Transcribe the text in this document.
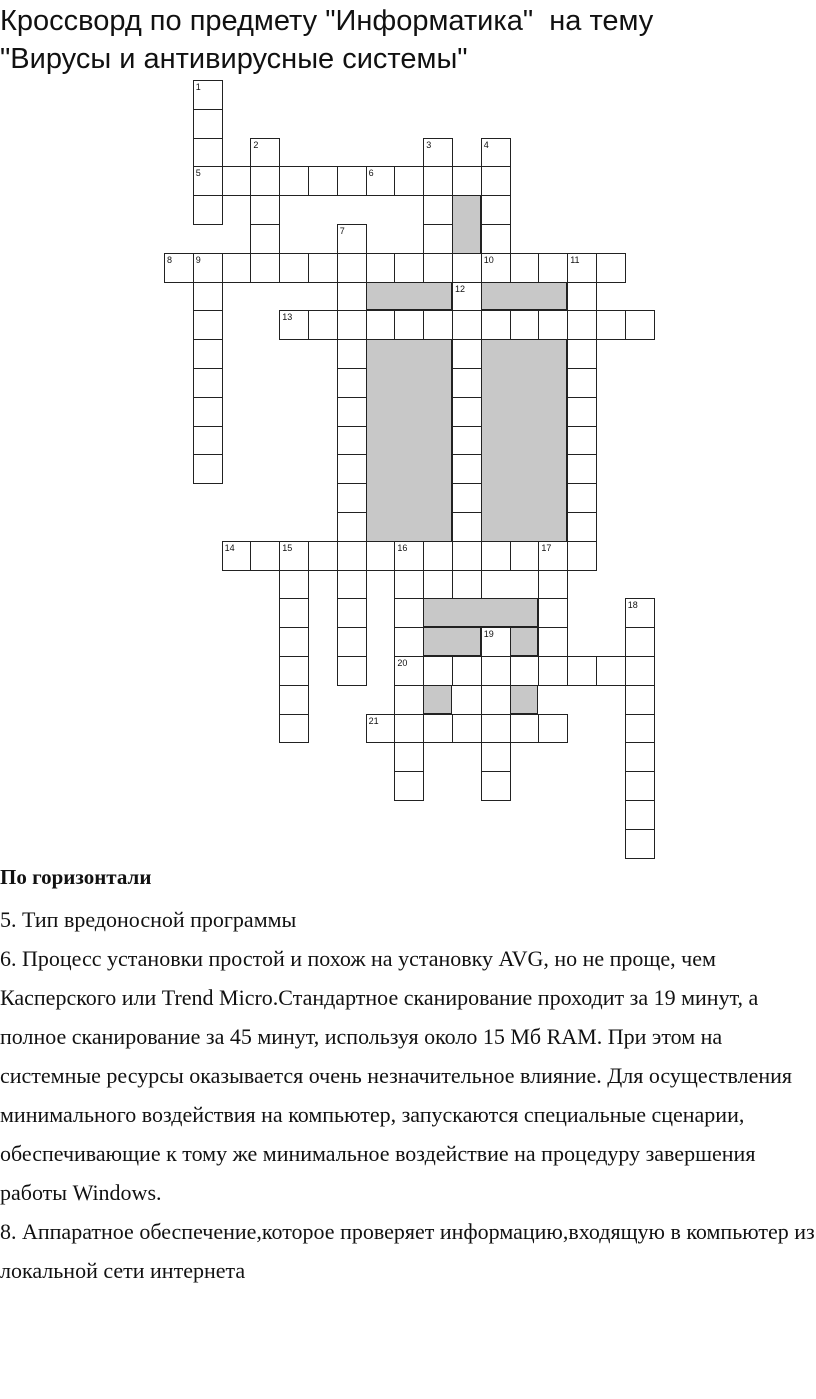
Кроссворд по предмету "Информатика"  на тему
"Вирусы и антивирусные системы"
1
2	3	4
5	6
7
8	9	10	11
12
13
14	15	16	17
18
19
20
21
По горизонтали

5. Тип вредоносной программы

6. Процесс установки простой и похож на установку AVG, но не проще, чем Касперского или Trend Micro.Стандартное сканирование проходит за 19 минут, а полное сканирование за 45 минут, используя около 15 Мб RAM. При этом на системные ресурсы оказывается очень незначительное влияние. Для осуществления минимального воздействия на компьютер, запускаются специальные сценарии, обеспечивающие к тому же минимальное воздействие на процедуру завершения работы Windows.

8. Аппаратное обеспечение,которое проверяет информацию,входящую в компьютер из локальной сети интернета
